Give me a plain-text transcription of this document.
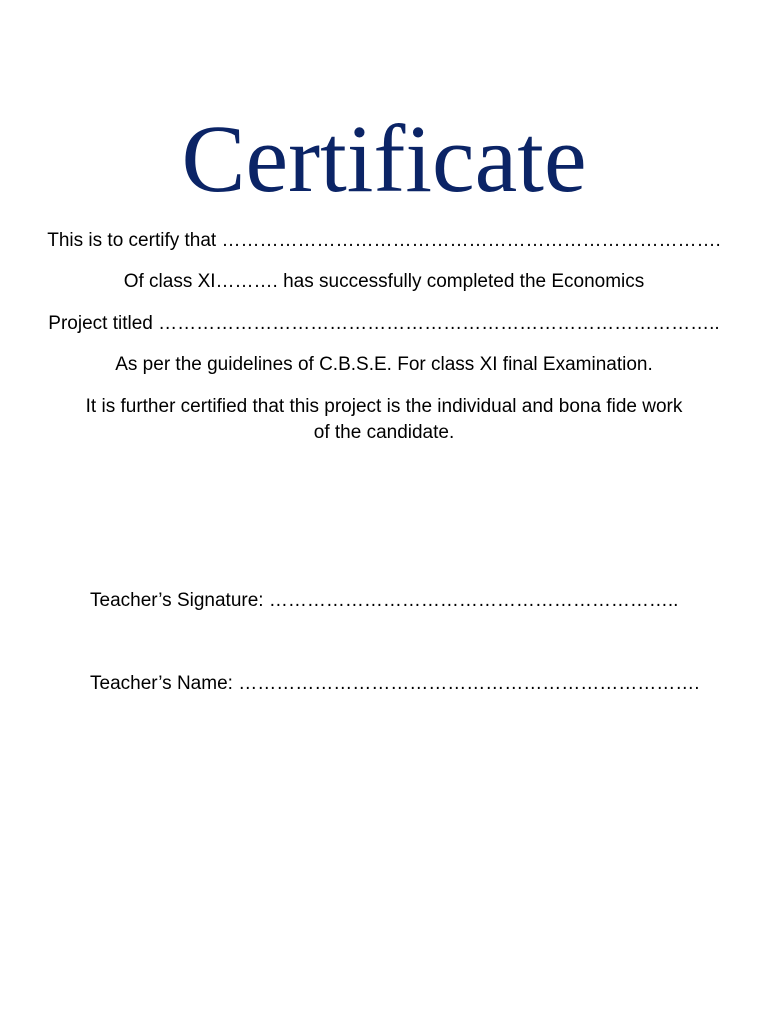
Certificate
This is to certify that …………………………………………………………………….
Of class XI………. has successfully completed the Economics
Project titled ……………………………………………………………………………..
As per the guidelines of C.B.S.E. For class XI final Examination.
It is further certified that this project is the individual and bona fide work of the candidate.
Teacher’s Signature: ………………………………………………………..
Teacher’s Name: ……………………………………………………………….
